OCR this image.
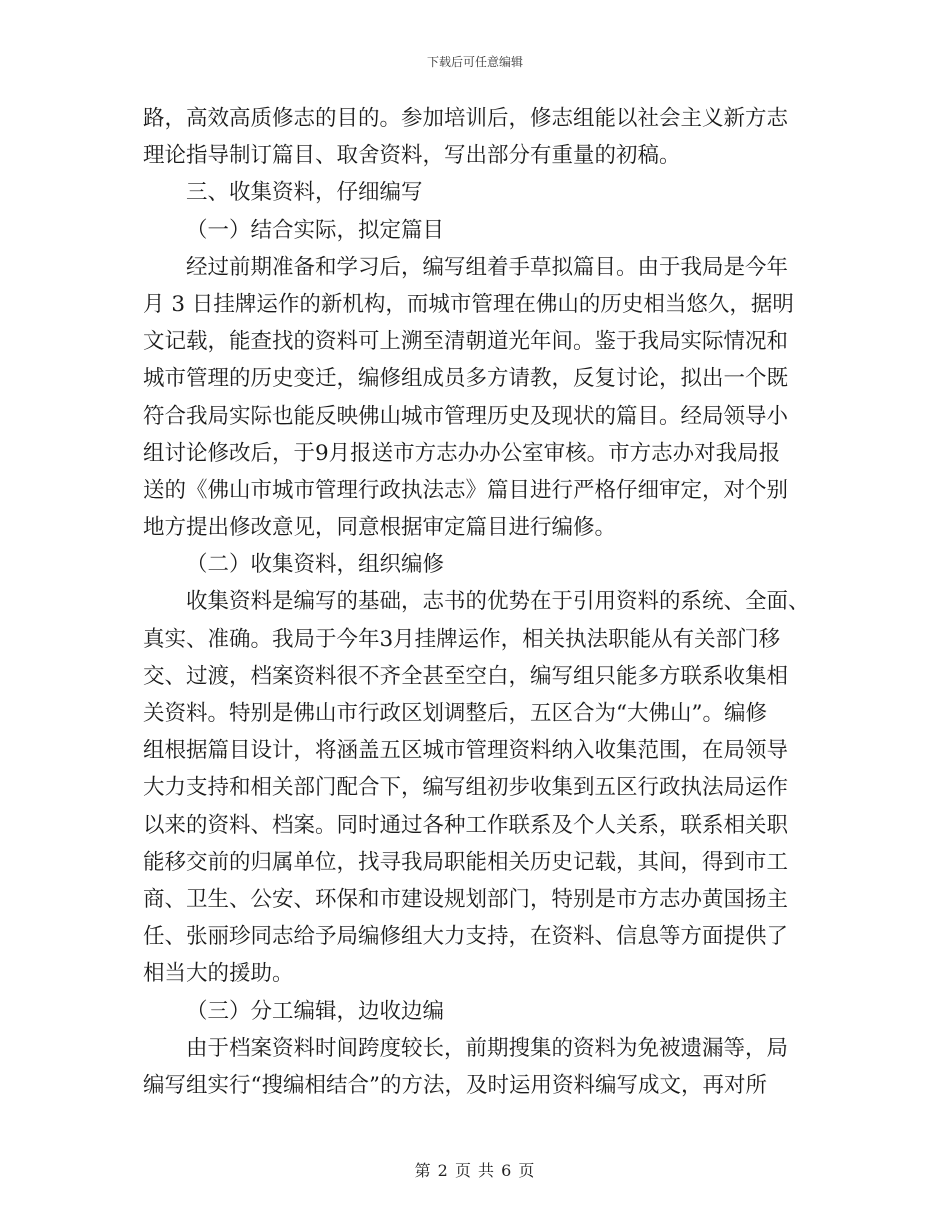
下载后可任意编辑
路，高效高质修志的目的。参加培训后，修志组能以社会主义新方志
理论指导制订篇目、取舍资料，写出部分有重量的初稿。
三、收集资料，仔细编写
（一）结合实际，拟定篇目
经过前期准备和学习后，编写组着手草拟篇目。由于我局是今年
月 3 日挂牌运作的新机构，而城市管理在佛山的历史相当悠久，据明
文记载，能查找的资料可上溯至清朝道光年间。鉴于我局实际情况和
城市管理的历史变迁，编修组成员多方请教，反复讨论，拟出一个既
符合我局实际也能反映佛山城市管理历史及现状的篇目。经局领导小
组讨论修改后，于9月报送市方志办办公室审核。市方志办对我局报
送的《佛山市城市管理行政执法志》篇目进行严格仔细审定，对个别
地方提出修改意见，同意根据审定篇目进行编修。
（二）收集资料，组织编修
收集资料是编写的基础，志书的优势在于引用资料的系统、全面、
真实、准确。我局于今年3月挂牌运作，相关执法职能从有关部门移
交、过渡，档案资料很不齐全甚至空白，编写组只能多方联系收集相
关资料。特别是佛山市行政区划调整后，五区合为“大佛山”。编修
组根据篇目设计，将涵盖五区城市管理资料纳入收集范围，在局领导
大力支持和相关部门配合下，编写组初步收集到五区行政执法局运作
以来的资料、档案。同时通过各种工作联系及个人关系，联系相关职
能移交前的归属单位，找寻我局职能相关历史记载，其间，得到市工
商、卫生、公安、环保和市建设规划部门，特别是市方志办黄国扬主
任、张丽珍同志给予局编修组大力支持，在资料、信息等方面提供了
相当大的援助。
（三）分工编辑，边收边编
由于档案资料时间跨度较长，前期搜集的资料为免被遗漏等，局
编写组实行“搜编相结合”的方法，及时运用资料编写成文，再对所
第 2 页 共 6 页
